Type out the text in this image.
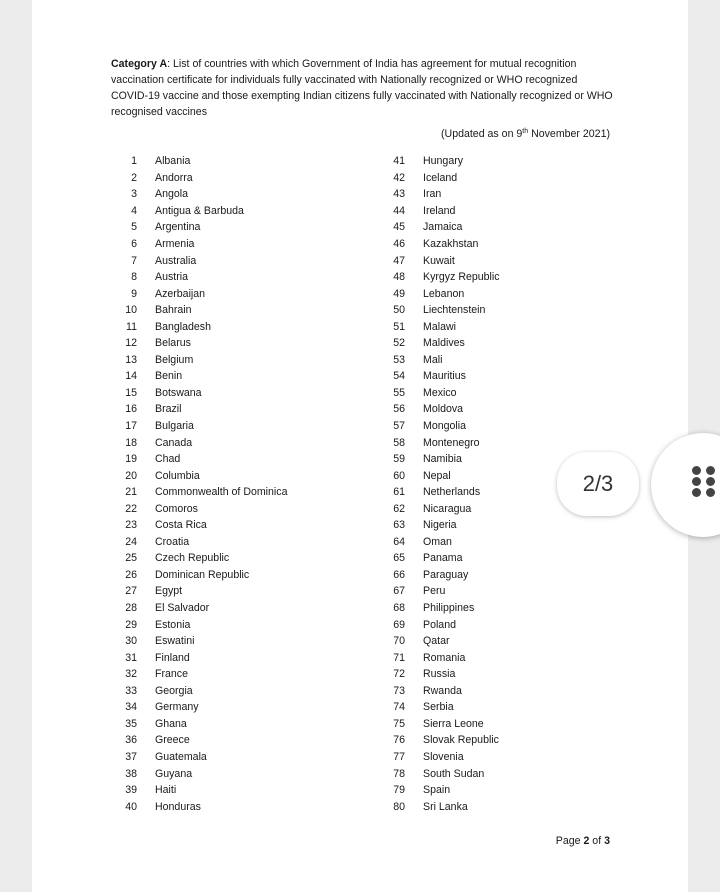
Category A: List of countries with which Government of India has agreement for mutual recognition vaccination certificate for individuals fully vaccinated with Nationally recognized or WHO recognized COVID-19 vaccine and those exempting Indian citizens fully vaccinated with Nationally recognized or WHO recognised vaccines
(Updated as on 9th November 2021)
1 Albania
2 Andorra
3 Angola
4 Antigua & Barbuda
5 Argentina
6 Armenia
7 Australia
8 Austria
9 Azerbaijan
10 Bahrain
11 Bangladesh
12 Belarus
13 Belgium
14 Benin
15 Botswana
16 Brazil
17 Bulgaria
18 Canada
19 Chad
20 Columbia
21 Commonwealth of Dominica
22 Comoros
23 Costa Rica
24 Croatia
25 Czech Republic
26 Dominican Republic
27 Egypt
28 El Salvador
29 Estonia
30 Eswatini
31 Finland
32 France
33 Georgia
34 Germany
35 Ghana
36 Greece
37 Guatemala
38 Guyana
39 Haiti
40 Honduras
41 Hungary
42 Iceland
43 Iran
44 Ireland
45 Jamaica
46 Kazakhstan
47 Kuwait
48 Kyrgyz Republic
49 Lebanon
50 Liechtenstein
51 Malawi
52 Maldives
53 Mali
54 Mauritius
55 Mexico
56 Moldova
57 Mongolia
58 Montenegro
59 Namibia
60 Nepal
61 Netherlands
62 Nicaragua
63 Nigeria
64 Oman
65 Panama
66 Paraguay
67 Peru
68 Philippines
69 Poland
70 Qatar
71 Romania
72 Russia
73 Rwanda
74 Serbia
75 Sierra Leone
76 Slovak Republic
77 Slovenia
78 South Sudan
79 Spain
80 Sri Lanka
Page 2 of 3
2/3
